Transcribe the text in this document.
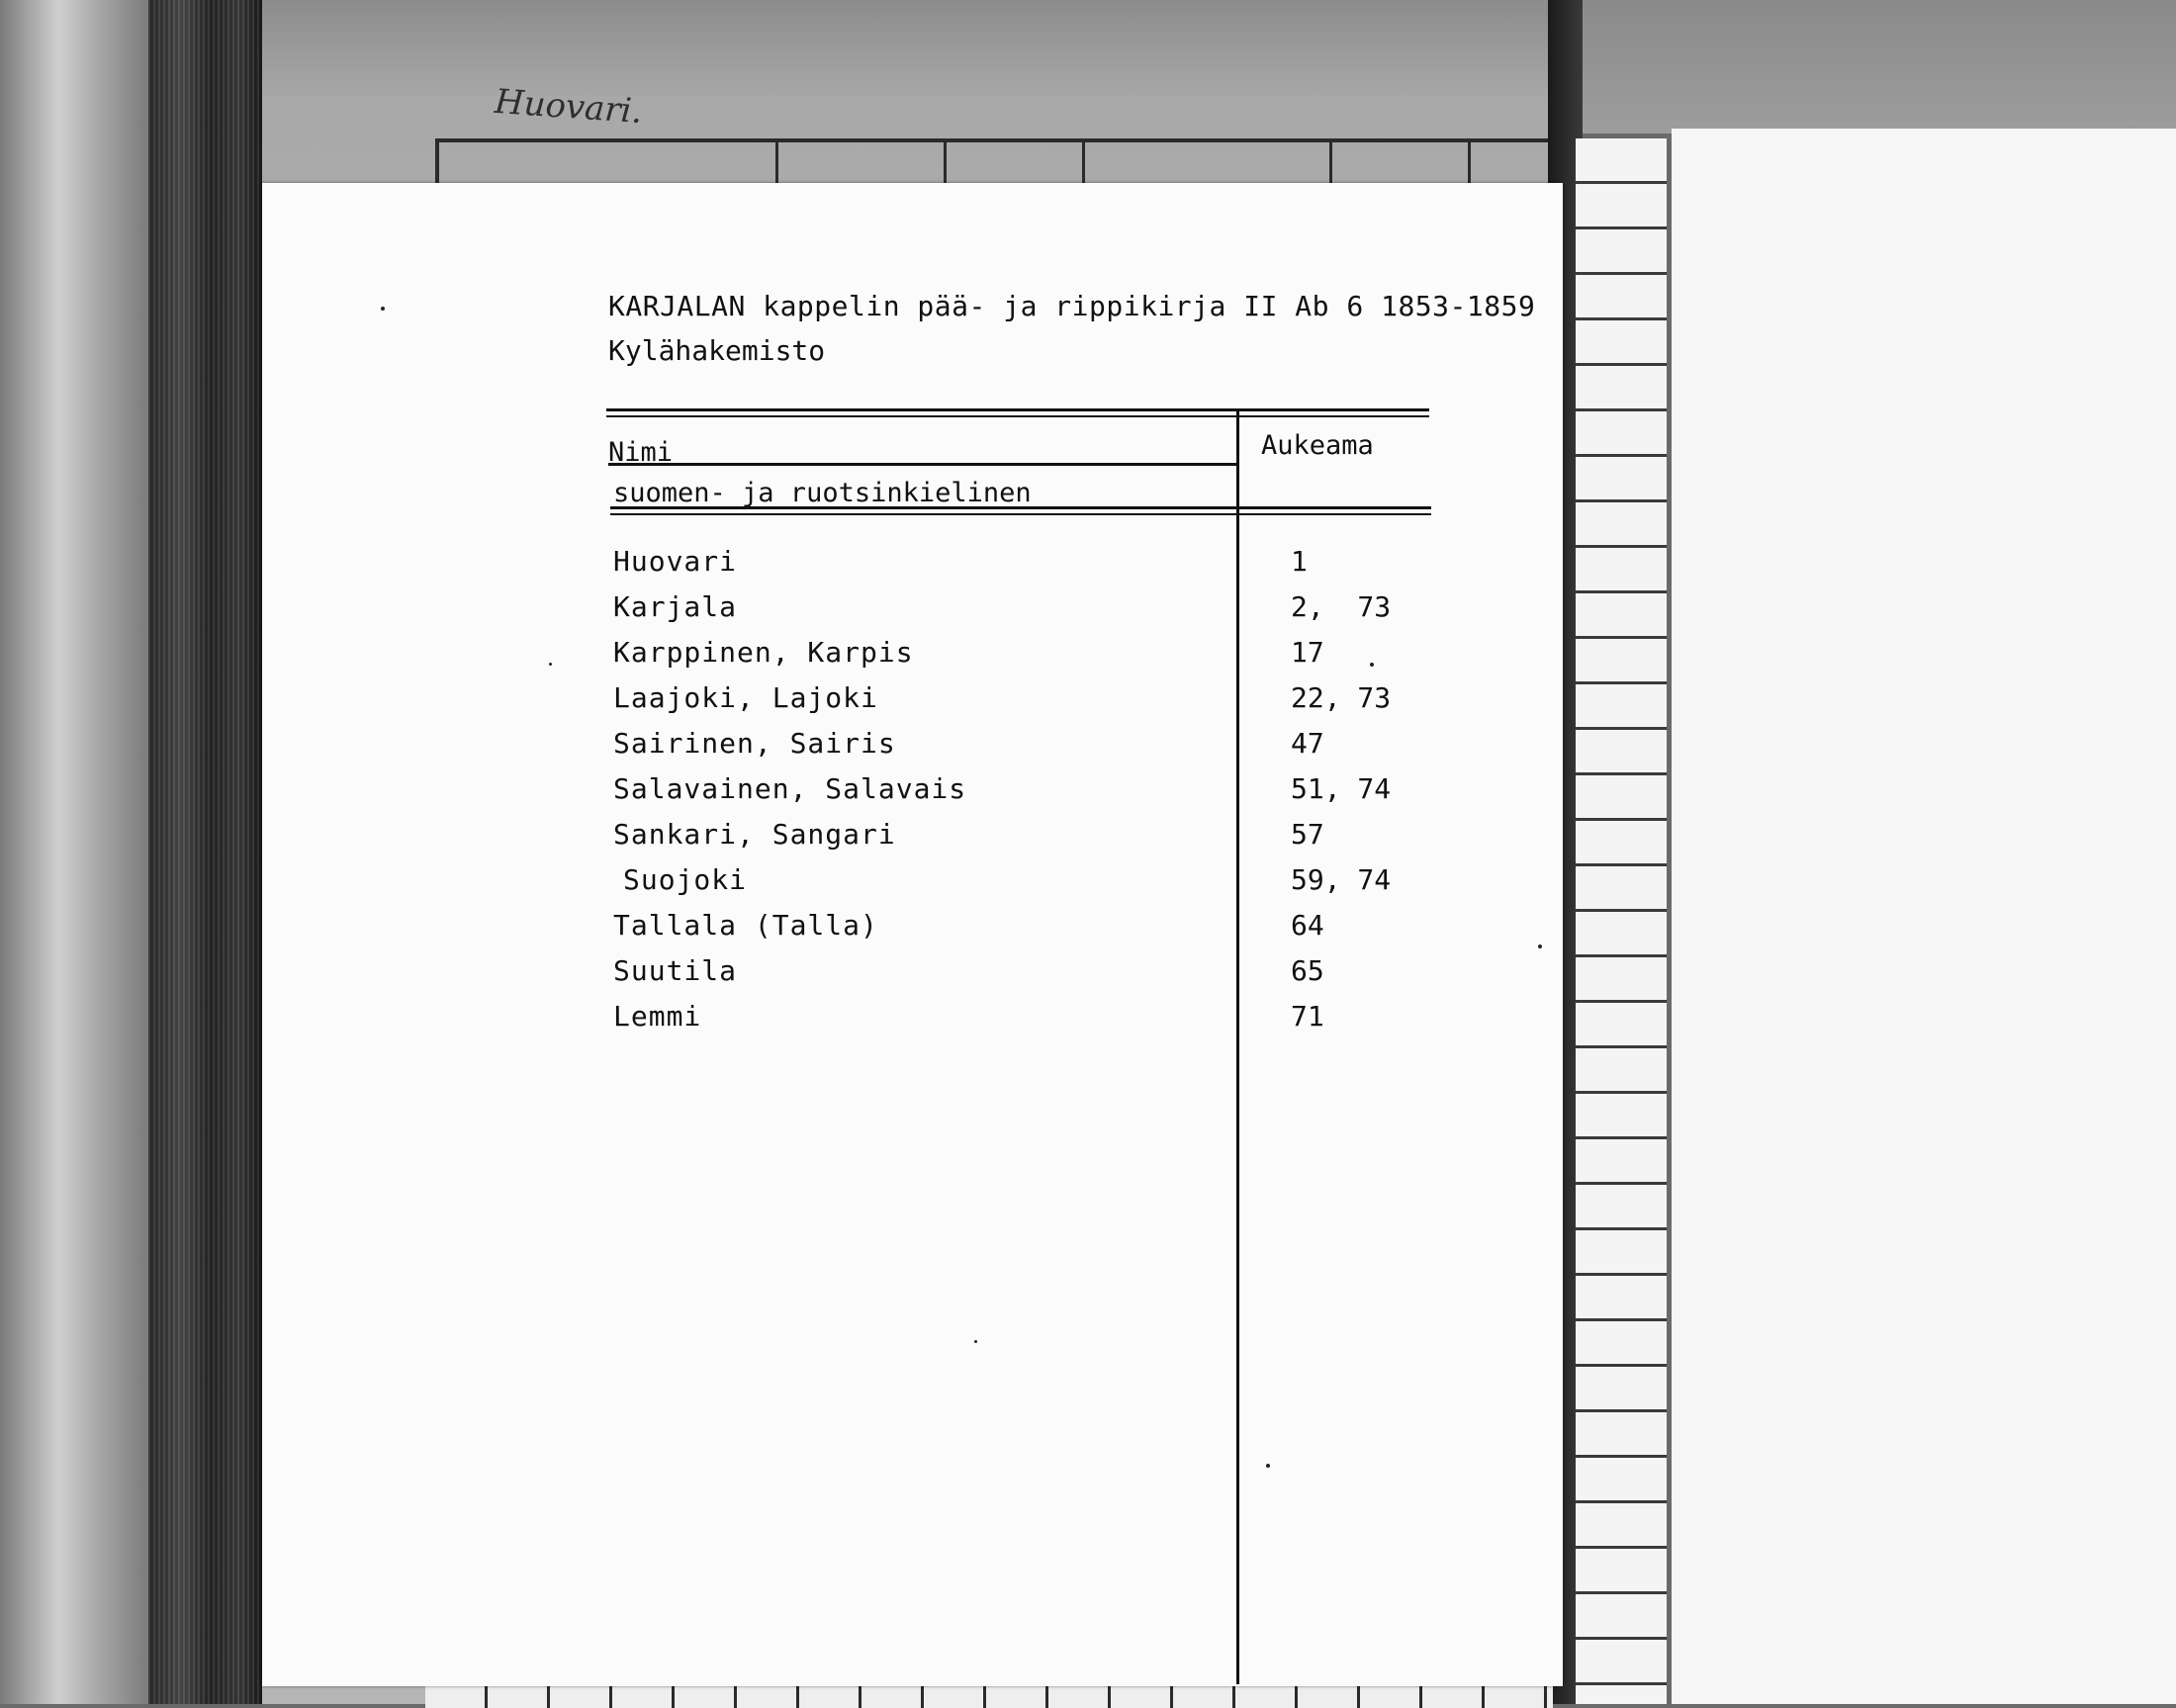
Huovari.
KARJALAN kappelin pää- ja rippikirja II Ab 6 1853-1859
Kylähakemisto
Nimi
suomen- ja ruotsinkielinen
Aukeama
Huovari	1
Karjala	2,  73
Karppinen, Karpis	17
Laajoki, Lajoki	22, 73
Sairinen, Sairis	47
Salavainen, Salavais	51, 74
Sankari, Sangari	57
Suojoki	59, 74
Tallala (Talla)	64
Suutila	65
Lemmi	71
